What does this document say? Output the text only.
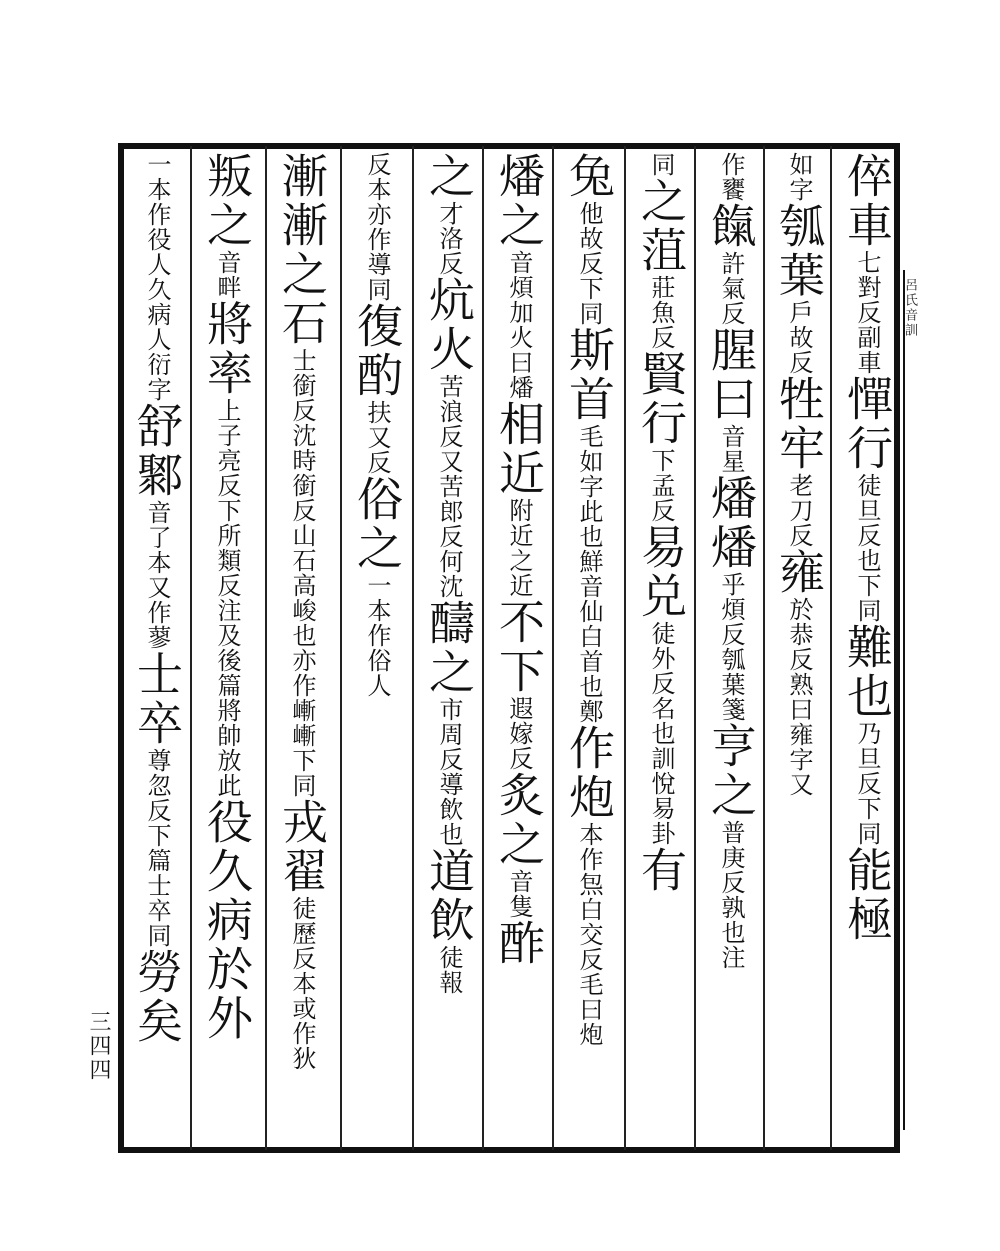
呂氏音訓
三四四
倅車七對反副車憚行徒旦反也下同難也乃旦反下同能極
如字瓠葉戶故反牲牢老刀反雍於恭反熟曰雍字又
作饔餼許氣反腥曰音星燔燔乎煩反瓠葉箋亨之普庚反孰也注
同之菹莊魚反賢行下孟反易兑徒外反名也訓悅易卦有
兔他故反下同斯首毛如字此也鮮音仙白首也鄭作炮本作炰白交反毛曰炮
燔之音煩加火曰燔相近附近之近不下遐嫁反炙之音隻酢
之才洛反炕火苦浪反又苦郎反何沈醻之市周反導飲也道飲徒報
反本亦作導同復酌扶又反俗之一本作俗人
漸漸之石士銜反沈時銜反山石高峻也亦作嶃嶃下同戎翟徒歷反本或作狄
叛之音畔將率上子亮反下所類反注及後篇將帥放此役久病於外
一本作役人久病人衍字舒鄹音了本又作蓼士卒尊忽反下篇士卒同勞矣
